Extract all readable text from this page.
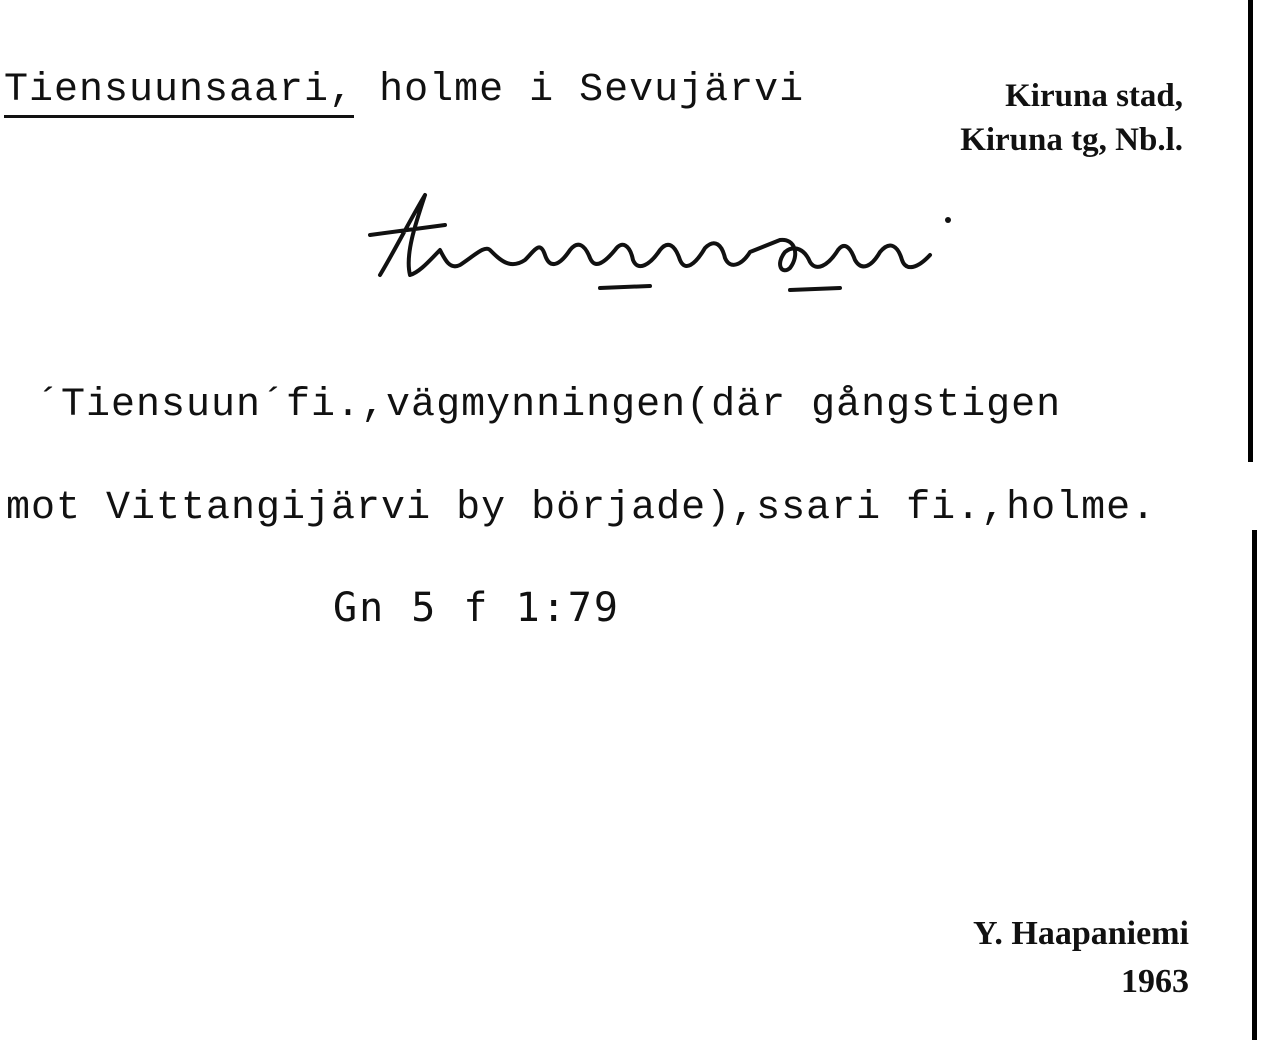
Tiensuunsaari, holme i Sevujärvi	Kiruna stad,
Kiruna tg, Nb.l.
tiensuunsaari
´Tiensuun´fi.,vägmynningen(där gångstigen
mot Vittangijärvi by började),ssari fi.,holme.
Gn 5 f 1:79
Y. Haapaniemi
1963
